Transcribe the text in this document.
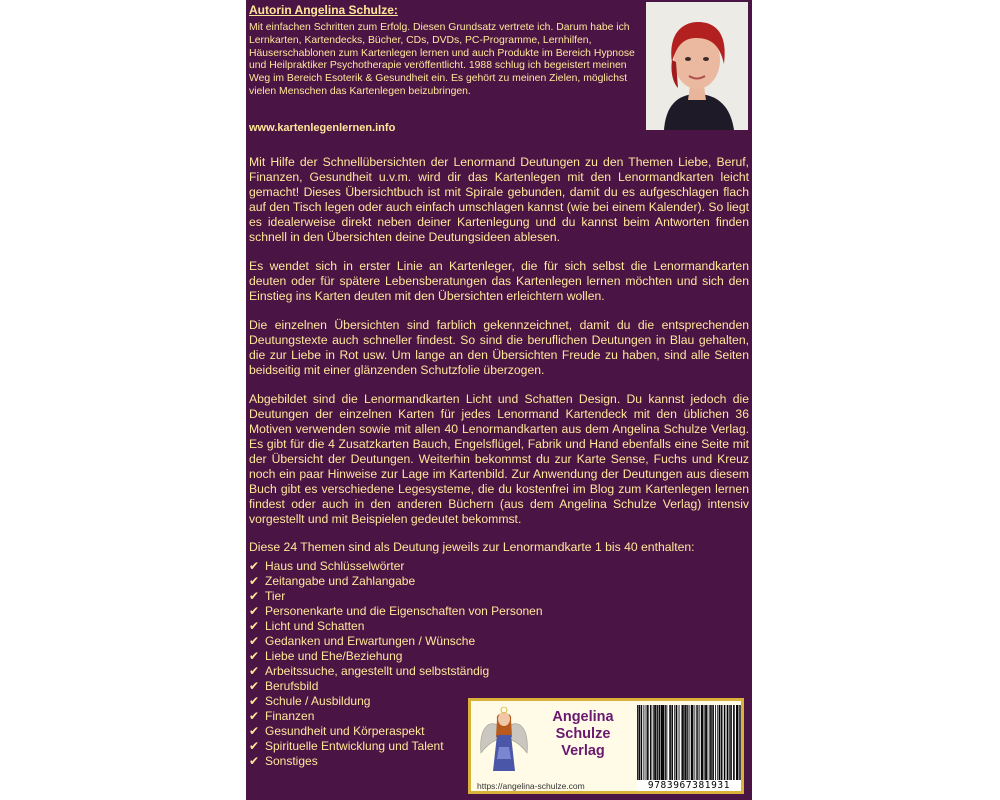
Autorin Angelina Schulze:

Mit einfachen Schritten zum Erfolg. Diesen Grundsatz vertrete ich. Darum habe ich Lernkarten, Kartendecks, Bücher, CDs, DVDs, PC-Programme, Lernhilfen, Häuserschablonen zum Kartenlegen lernen und auch Produkte im Bereich Hypnose und Heilpraktiker Psychotherapie veröffentlicht. 1988 schlug ich begeistert meinen Weg im Bereich Esoterik & Gesundheit ein. Es gehört zu meinen Zielen, möglichst vielen Menschen das Kartenlegen beizubringen.

www.kartenlegenlernen.info

Mit Hilfe der Schnellübersichten der Lenormand Deutungen zu den Themen Liebe, Beruf, Finanzen, Gesundheit u.v.m. wird dir das Kartenlegen mit den Lenormandkarten leicht gemacht! Dieses Übersichtbuch ist mit Spirale gebunden, damit du es aufgeschlagen flach auf den Tisch legen oder auch einfach umschlagen kannst (wie bei einem Kalender). So liegt es idealerweise direkt neben deiner Kartenlegung und du kannst beim Antworten finden schnell in den Übersichten deine Deutungsideen ablesen.

Es wendet sich in erster Linie an Kartenleger, die für sich selbst die Lenormandkarten deuten oder für spätere Lebensberatungen das Kartenlegen lernen möchten und sich den Einstieg ins Karten deuten mit den Übersichten erleichtern wollen.

Die einzelnen Übersichten sind farblich gekennzeichnet, damit du die entsprechenden Deutungstexte auch schneller findest. So sind die beruflichen Deutungen in Blau gehalten, die zur Liebe in Rot usw. Um lange an den Übersichten Freude zu haben, sind alle Seiten beidseitig mit einer glänzenden Schutzfolie überzogen.

Abgebildet sind die Lenormandkarten Licht und Schatten Design. Du kannst jedoch die Deutungen der einzelnen Karten für jedes Lenormand Kartendeck mit den üblichen 36 Motiven verwenden sowie mit allen 40 Lenormandkarten aus dem Angelina Schulze Verlag. Es gibt für die 4 Zusatzkarten Bauch, Engelsflügel, Fabrik und Hand ebenfalls eine Seite mit der Übersicht der Deutungen. Weiterhin bekommst du zur Karte Sense, Fuchs und Kreuz noch ein paar Hinweise zur Lage im Kartenbild. Zur Anwendung der Deutungen aus diesem Buch gibt es verschiedene Legesysteme, die du kostenfrei im Blog zum Kartenlegen lernen findest oder auch in den anderen Büchern (aus dem Angelina Schulze Verlag) intensiv vorgestellt und mit Beispielen gedeutet bekommst.

Diese 24 Themen sind als Deutung jeweils zur Lenormandkarte 1 bis 40 enthalten:
✔ Haus und Schlüsselwörter
✔ Zeitangabe und Zahlangabe
✔ Tier
✔ Personenkarte und die Eigenschaften von Personen
✔ Licht und Schatten
✔ Gedanken und Erwartungen / Wünsche
✔ Liebe und Ehe/Beziehung
✔ Arbeitssuche, angestellt und selbstständig
✔ Berufsbild
✔ Schule / Ausbildung
✔ Finanzen
✔ Gesundheit und Körperaspekt
✔ Spirituelle Entwicklung und Talent
✔ Sonstiges
Angelina
Schulze
Verlag
https://angelina-schulze.com	9783967381931
